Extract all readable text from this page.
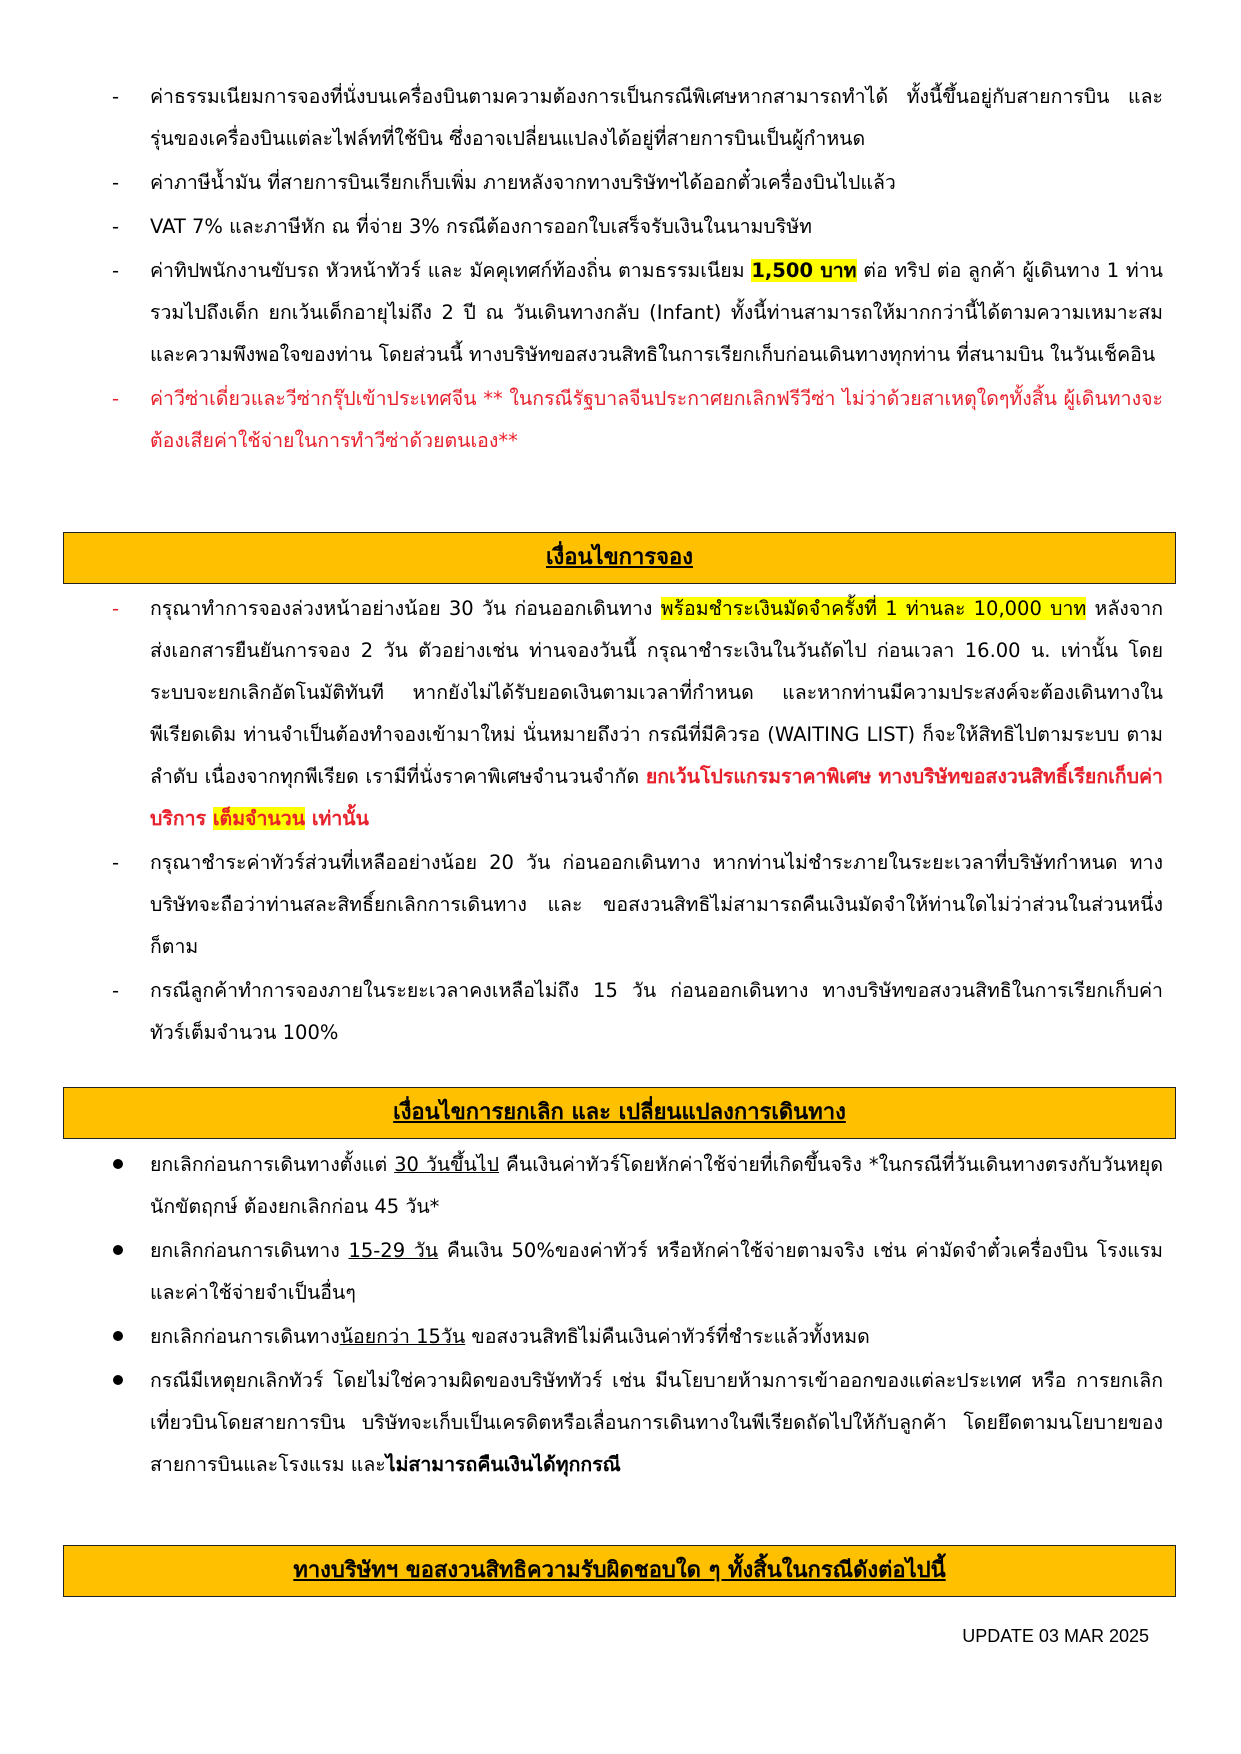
-	ค่าธรรมเนียมการจองที่นั่งบนเครื่องบินตามความต้องการเป็นกรณีพิเศษหากสามารถทำได้ ทั้งนี้ขึ้นอยู่กับสายการบิน และ รุ่นของเครื่องบินแต่ละไฟล์ทที่ใช้บิน ซึ่งอาจเปลี่ยนแปลงได้อยู่ที่สายการบินเป็นผู้กำหนด
-	ค่าภาษีน้ำมัน ที่สายการบินเรียกเก็บเพิ่ม ภายหลังจากทางบริษัทฯได้ออกตั๋วเครื่องบินไปแล้ว
-	VAT 7% และภาษีหัก ณ ที่จ่าย 3% กรณีต้องการออกใบเสร็จรับเงินในนามบริษัท
-	ค่าทิปพนักงานขับรถ หัวหน้าทัวร์ และ มัคคุเทศก์ท้องถิ่น ตามธรรมเนียม 1,500 บาท ต่อ ทริป ต่อ ลูกค้า ผู้เดินทาง 1 ท่าน รวมไปถึงเด็ก ยกเว้นเด็กอายุไม่ถึง 2 ปี ณ วันเดินทางกลับ (Infant) ทั้งนี้ท่านสามารถให้มากกว่านี้ได้ตามความเหมาะสมและความพึงพอใจของท่าน โดยส่วนนี้ ทางบริษัทขอสงวนสิทธิในการเรียกเก็บก่อนเดินทางทุกท่าน ที่สนามบิน ในวันเช็คอิน
-	ค่าวีซ่าเดี่ยวและวีซ่ากรุ๊ปเข้าประเทศจีน ** ในกรณีรัฐบาลจีนประกาศยกเลิกฟรีวีซ่า ไม่ว่าด้วยสาเหตุใดๆทั้งสิ้น ผู้เดินทางจะต้องเสียค่าใช้จ่ายในการทำวีซ่าด้วยตนเอง**
เงื่อนไขการจอง
-	กรุณาทำการจองล่วงหน้าอย่างน้อย 30 วัน ก่อนออกเดินทาง พร้อมชำระเงินมัดจำครั้งที่ 1 ท่านละ 10,000 บาท หลังจากส่งเอกสารยืนยันการจอง 2 วัน ตัวอย่างเช่น ท่านจองวันนี้ กรุณาชำระเงินในวันถัดไป ก่อนเวลา 16.00 น. เท่านั้น โดยระบบจะยกเลิกอัตโนมัติทันที หากยังไม่ได้รับยอดเงินตามเวลาที่กำหนด และหากท่านมีความประสงค์จะต้องเดินทางในพีเรียดเดิม ท่านจำเป็นต้องทำจองเข้ามาใหม่ นั่นหมายถึงว่า กรณีที่มีคิวรอ (WAITING LIST) ก็จะให้สิทธิไปตามระบบ ตามลำดับ เนื่องจากทุกพีเรียด เรามีที่นั่งราคาพิเศษจำนวนจำกัด ยกเว้นโปรแกรมราคาพิเศษ ทางบริษัทขอสงวนสิทธิ์เรียกเก็บค่าบริการ เต็มจำนวน เท่านั้น
-	กรุณาชำระค่าทัวร์ส่วนที่เหลืออย่างน้อย 20 วัน ก่อนออกเดินทาง หากท่านไม่ชำระภายในระยะเวลาที่บริษัทกำหนด ทางบริษัทจะถือว่าท่านสละสิทธิ์ยกเลิกการเดินทาง และ ขอสงวนสิทธิไม่สามารถคืนเงินมัดจำให้ท่านใดไม่ว่าส่วนในส่วนหนึ่งก็ตาม
-	กรณีลูกค้าทำการจองภายในระยะเวลาคงเหลือไม่ถึง 15 วัน ก่อนออกเดินทาง ทางบริษัทขอสงวนสิทธิในการเรียกเก็บค่าทัวร์เต็มจำนวน 100%
เงื่อนไขการยกเลิก และ เปลี่ยนแปลงการเดินทาง
ยกเลิกก่อนการเดินทางตั้งแต่ 30 วันขึ้นไป คืนเงินค่าทัวร์โดยหักค่าใช้จ่ายที่เกิดขึ้นจริง *ในกรณีที่วันเดินทางตรงกับวันหยุดนักขัตฤกษ์ ต้องยกเลิกก่อน 45 วัน*
ยกเลิกก่อนการเดินทาง 15-29 วัน คืนเงิน 50%ของค่าทัวร์ หรือหักค่าใช้จ่ายตามจริง เช่น ค่ามัดจำตั๋วเครื่องบิน โรงแรม และค่าใช้จ่ายจำเป็นอื่นๆ
ยกเลิกก่อนการเดินทางน้อยกว่า 15วัน ขอสงวนสิทธิไม่คืนเงินค่าทัวร์ที่ชำระแล้วทั้งหมด
กรณีมีเหตุยกเลิกทัวร์ โดยไม่ใช่ความผิดของบริษัททัวร์ เช่น มีนโยบายห้ามการเข้าออกของแต่ละประเทศ หรือ การยกเลิกเที่ยวบินโดยสายการบิน บริษัทจะเก็บเป็นเครดิตหรือเลื่อนการเดินทางในพีเรียดถัดไปให้กับลูกค้า โดยยึดตามนโยบายของสายการบินและโรงแรม และไม่สามารถคืนเงินได้ทุกกรณี
ทางบริษัทฯ ขอสงวนสิทธิความรับผิดชอบใด ๆ ทั้งสิ้นในกรณีดังต่อไปนี้
UPDATE 03 MAR 2025
